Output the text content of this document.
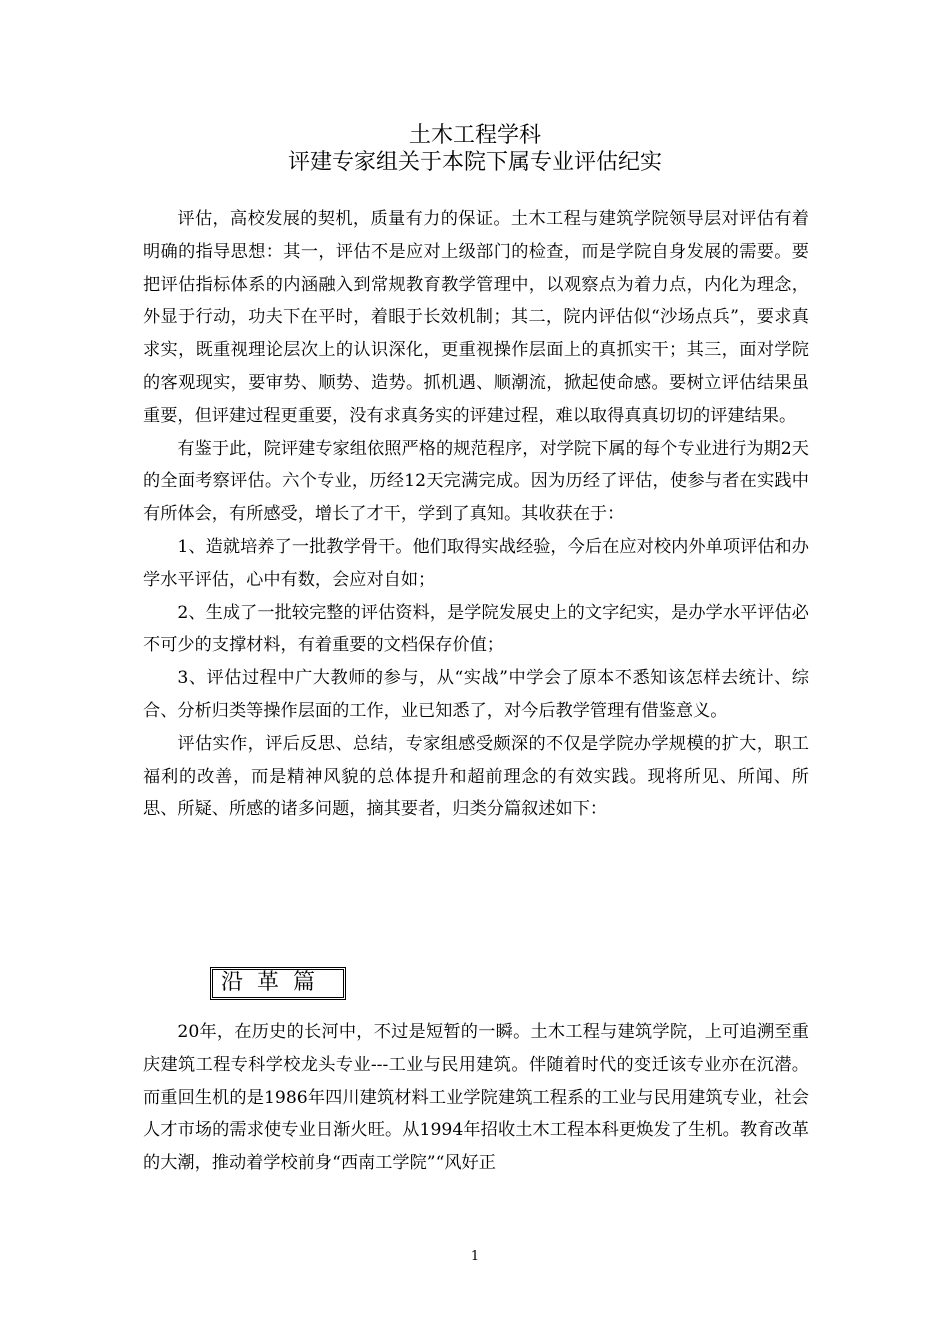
土木工程学科
评建专家组关于本院下属专业评估纪实

评估，高校发展的契机，质量有力的保证。土木工程与建筑学院领导层对评估有着明确的指导思想：其一，评估不是应对上级部门的检查，而是学院自身发展的需要。要把评估指标体系的内涵融入到常规教育教学管理中，以观察点为着力点，内化为理念，外显于行动，功夫下在平时，着眼于长效机制；其二，院内评估似“沙场点兵”，要求真求实，既重视理论层次上的认识深化，更重视操作层面上的真抓实干；其三，面对学院的客观现实，要审势、顺势、造势。抓机遇、顺潮流，掀起使命感。要树立评估结果虽重要，但评建过程更重要，没有求真务实的评建过程，难以取得真真切切的评建结果。

有鉴于此，院评建专家组依照严格的规范程序，对学院下属的每个专业进行为期2天的全面考察评估。六个专业，历经12天完满完成。因为历经了评估，使参与者在实践中有所体会，有所感受，增长了才干，学到了真知。其收获在于：

1、造就培养了一批教学骨干。他们取得实战经验，今后在应对校内外单项评估和办学水平评估，心中有数，会应对自如；

2、生成了一批较完整的评估资料，是学院发展史上的文字纪实，是办学水平评估必不可少的支撑材料，有着重要的文档保存价值；

3、评估过程中广大教师的参与，从“实战”中学会了原本不悉知该怎样去统计、综合、分析归类等操作层面的工作，业已知悉了，对今后教学管理有借鉴意义。

评估实作，评后反思、总结，专家组感受颇深的不仅是学院办学规模的扩大，职工福利的改善，而是精神风貌的总体提升和超前理念的有效实践。现将所见、所闻、所思、所疑、所感的诸多问题，摘其要者，归类分篇叙述如下：

沿革篇

20年，在历史的长河中，不过是短暂的一瞬。土木工程与建筑学院，上可追溯至重庆建筑工程专科学校龙头专业---工业与民用建筑。伴随着时代的变迁该专业亦在沉潜。而重回生机的是1986年四川建筑材料工业学院建筑工程系的工业与民用建筑专业，社会人才市场的需求使专业日渐火旺。从1994年招收土木工程本科更焕发了生机。教育改革的大潮，推动着学校前身“西南工学院”“风好正

1
